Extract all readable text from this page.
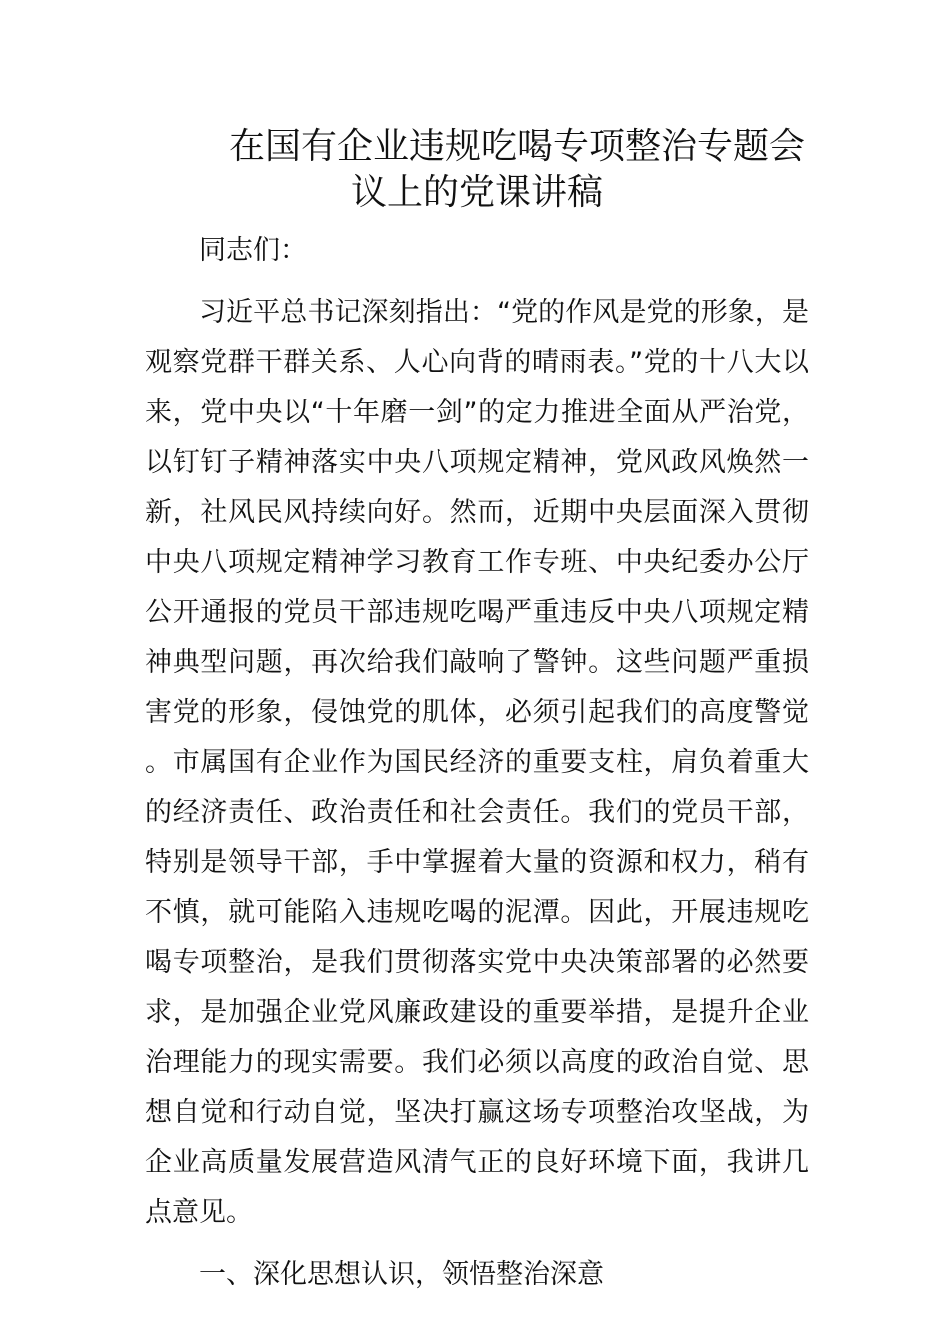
在国有企业违规吃喝专项整治专题会
议上的党课讲稿

同志们：

习近平总书记深刻指出：“党的作风是党的形象，是观察党群干群关系、人心向背的晴雨表。”党的十八大以来，党中央以“十年磨一剑”的定力推进全面从严治党，以钉钉子精神落实中央八项规定精神，党风政风焕然一新，社风民风持续向好。然而，近期中央层面深入贯彻中央八项规定精神学习教育工作专班、中央纪委办公厅公开通报的党员干部违规吃喝严重违反中央八项规定精神典型问题，再次给我们敲响了警钟。这些问题严重损害党的形象，侵蚀党的肌体，必须引起我们的高度警觉。市属国有企业作为国民经济的重要支柱，肩负着重大的经济责任、政治责任和社会责任。我们的党员干部，特别是领导干部，手中掌握着大量的资源和权力，稍有不慎，就可能陷入违规吃喝的泥潭。因此，开展违规吃喝专项整治，是我们贯彻落实党中央决策部署的必然要求，是加强企业党风廉政建设的重要举措，是提升企业治理能力的现实需要。我们必须以高度的政治自觉、思想自觉和行动自觉，坚决打赢这场专项整治攻坚战，为企业高质量发展营造风清气正的良好环境下面，我讲几点意见。

一、深化思想认识，领悟整治深意
